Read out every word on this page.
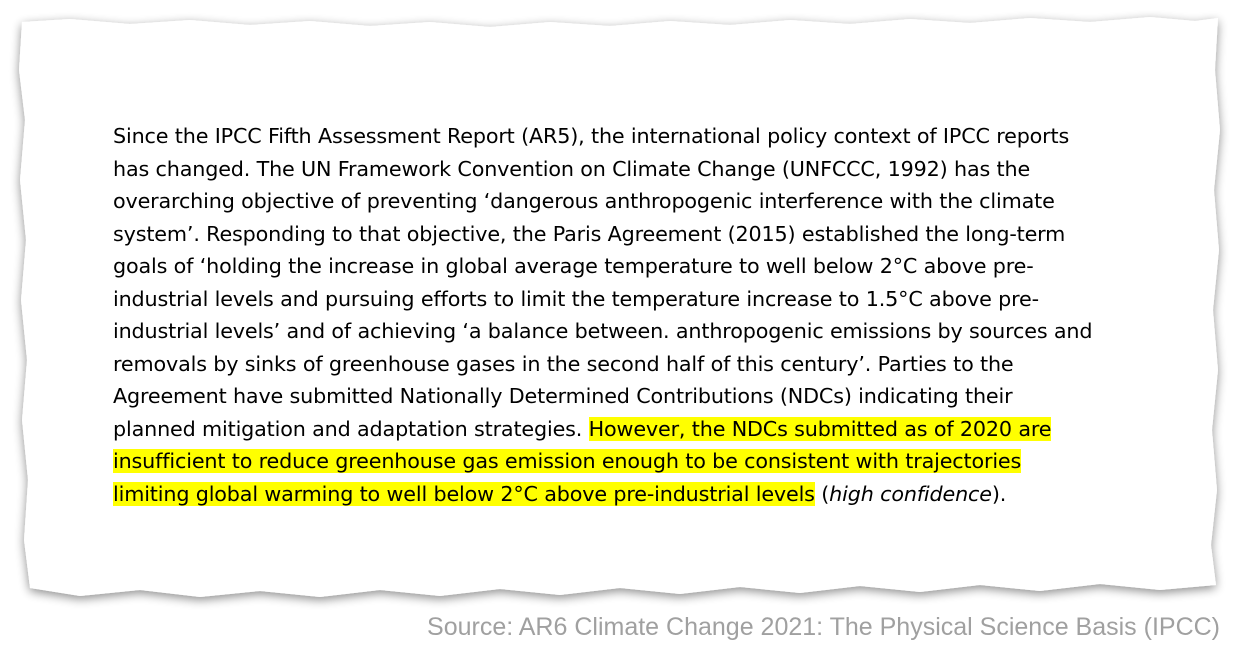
Since the IPCC Fifth Assessment Report (AR5), the international policy context of IPCC reports
has changed. The UN Framework Convention on Climate Change (UNFCCC, 1992) has the
overarching objective of preventing ‘dangerous anthropogenic interference with the climate
system’. Responding to that objective, the Paris Agreement (2015) established the long-term
goals of ‘holding the increase in global average temperature to well below 2°C above pre-
industrial levels and pursuing efforts to limit the temperature increase to 1.5°C above pre-
industrial levels’ and of achieving ‘a balance between. anthropogenic emissions by sources and
removals by sinks of greenhouse gases in the second half of this century’. Parties to the
Agreement have submitted Nationally Determined Contributions (NDCs) indicating their
planned mitigation and adaptation strategies. However, the NDCs submitted as of 2020 are
insufficient to reduce greenhouse gas emission enough to be consistent with trajectories
limiting global warming to well below 2°C above pre-industrial levels (high confidence).
Source: AR6 Climate Change 2021: The Physical Science Basis (IPCC)
